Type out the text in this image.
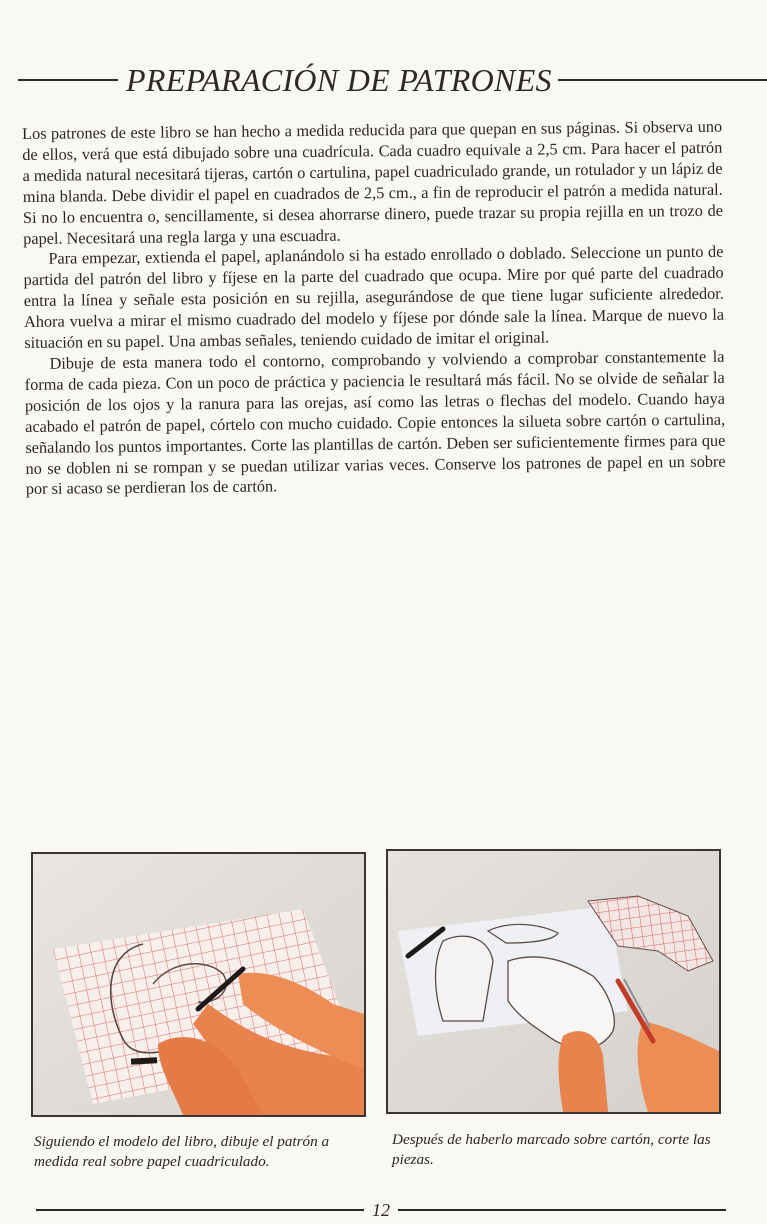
PREPARACIÓN DE PATRONES

Los patrones de este libro se han hecho a medida reducida para que quepan en sus páginas. Si observa uno de ellos, verá que está dibujado sobre una cuadrícula. Cada cuadro equivale a 2,5 cm. Para hacer el patrón a medida natural necesitará tijeras, cartón o cartulina, papel cuadriculado grande, un rotulador y un lápiz de mina blanda. Debe dividir el papel en cuadrados de 2,5 cm., a fin de reproducir el patrón a medida natural. Si no lo encuentra o, sencillamente, si desea ahorrarse dinero, puede trazar su propia rejilla en un trozo de papel. Necesitará una regla larga y una escuadra.

Para empezar, extienda el papel, aplanándolo si ha estado enrollado o doblado. Seleccione un punto de partida del patrón del libro y fíjese en la parte del cuadrado que ocupa. Mire por qué parte del cuadrado entra la línea y señale esta posición en su rejilla, asegurándose de que tiene lugar suficiente alrededor. Ahora vuelva a mirar el mismo cuadrado del modelo y fíjese por dónde sale la línea. Marque de nuevo la situación en su papel. Una ambas señales, teniendo cuidado de imitar el original.

Dibuje de esta manera todo el contorno, comprobando y volviendo a comprobar constantemente la forma de cada pieza. Con un poco de práctica y paciencia le resultará más fácil. No se olvide de señalar la posición de los ojos y la ranura para las orejas, así como las letras o flechas del modelo. Cuando haya acabado el patrón de papel, córtelo con mucho cuidado. Copie entonces la silueta sobre cartón o cartulina, señalando los puntos importantes. Corte las plantillas de cartón. Deben ser suficientemente firmes para que no se doblen ni se rompan y se puedan utilizar varias veces. Conserve los patrones de papel en un sobre por si acaso se perdieran los de cartón.

Siguiendo el modelo del libro, dibuje el patrón a medida real sobre papel cuadriculado.
Después de haberlo marcado sobre cartón, corte las piezas.
12
